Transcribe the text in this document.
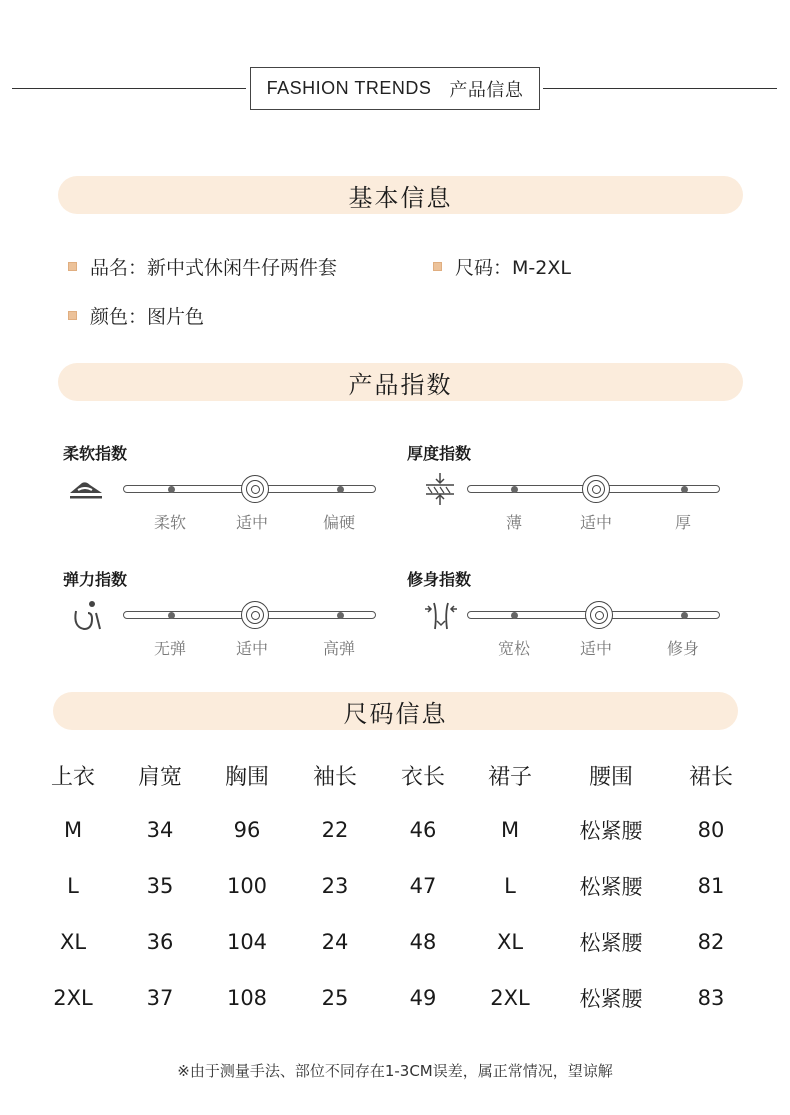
FASHION TRENDS 产品信息
基本信息
品名：新中式休闲牛仔两件套	尺码：M-2XL
颜色：图片色
产品指数
柔软指数
柔软	适中	偏硬
厚度指数
薄	适中	厚
弹力指数
无弹	适中	高弹
修身指数
宽松	适中	修身
尺码信息
上衣	肩宽	胸围	袖长	衣长	裙子	腰围	裙长
M	34	96	22	46	M	松紧腰	80
L	35	100	23	47	L	松紧腰	81
XL	36	104	24	48	XL	松紧腰	82
2XL	37	108	25	49	2XL	松紧腰	83
※由于测量手法、部位不同存在1-3CM误差，属正常情况，望谅解
